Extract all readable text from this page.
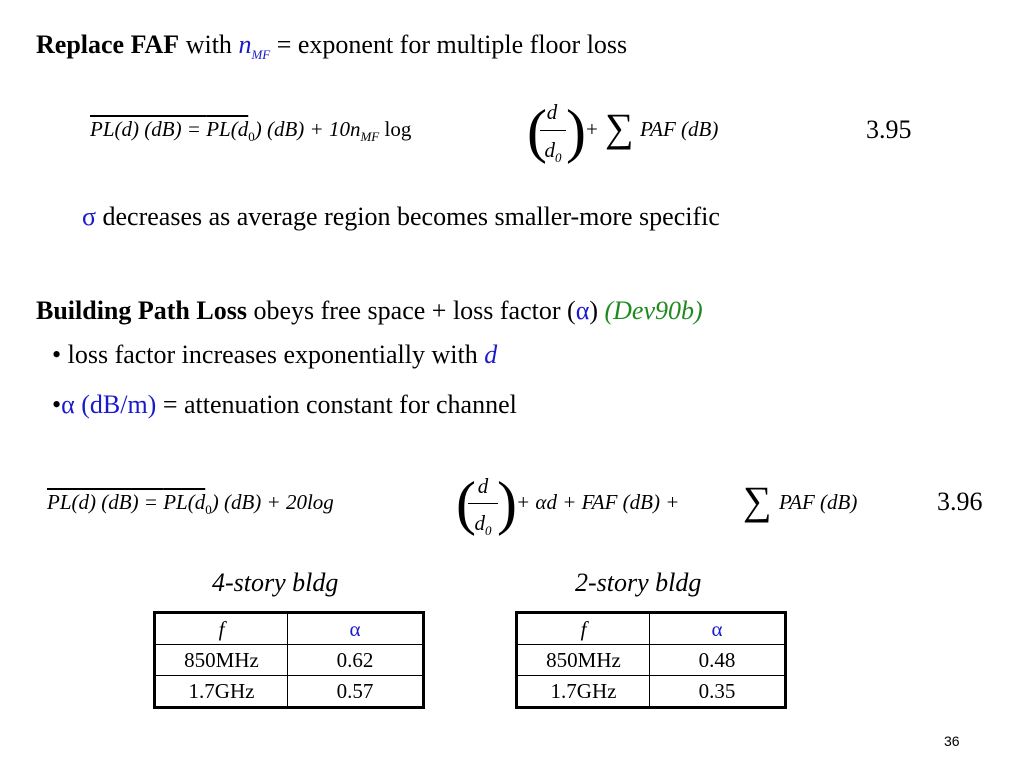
Replace FAF with $n_{MF}$ = exponent for multiple floor loss
PL(d) $(dB) = PL(d_0) (dB) + 10n_{MF}$ log ( d
$d_0$ ) + ∑ PAF (dB)	3.95
σ decreases as average region becomes smaller-more specific
Building Path Loss obeys free space + loss factor (α) (Dev90b)
• loss factor increases exponentially with d
•α (dB/m) = attenuation constant for channel
PL(d) $(dB) = PL(d_0) (dB) + 20\log$ ( d
$d_0$ ) + αd + FAF (dB) + ∑ PAF (dB)	3.96
4-story bldg	2-story bldg
f	α
850MHz	0.62
1.7GHz	0.57
f	α
850MHz	0.48
1.7GHz	0.35
36
